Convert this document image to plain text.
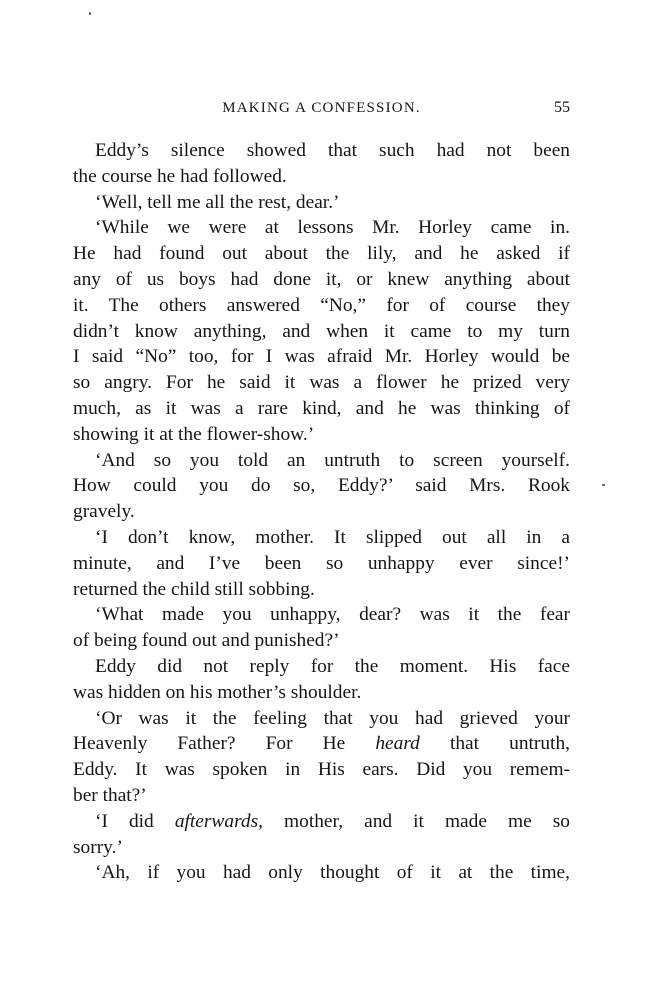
MAKING A CONFESSION.	55
Eddy’s silence showed that such had not been
the course he had followed.
‘Well, tell me all the rest, dear.’
‘While we were at lessons Mr. Horley came in.
He had found out about the lily, and he asked if
any of us boys had done it, or knew anything about
it. The others answered “No,” for of course they
didn’t know anything, and when it came to my turn
I said “No” too, for I was afraid Mr. Horley would be
so angry. For he said it was a flower he prized very
much, as it was a rare kind, and he was thinking of
showing it at the flower-show.’
‘And so you told an untruth to screen yourself.
How could you do so, Eddy?’ said Mrs. Rook
gravely.
‘I don’t know, mother. It slipped out all in a
minute, and I’ve been so unhappy ever since!’
returned the child still sobbing.
‘What made you unhappy, dear? was it the fear
of being found out and punished?’
Eddy did not reply for the moment. His face
was hidden on his mother’s shoulder.
‘Or was it the feeling that you had grieved your
Heavenly Father? For He heard that untruth,
Eddy. It was spoken in His ears. Did you remem-
ber that?’
‘I did afterwards, mother, and it made me so
sorry.’
‘Ah, if you had only thought of it at the time,
